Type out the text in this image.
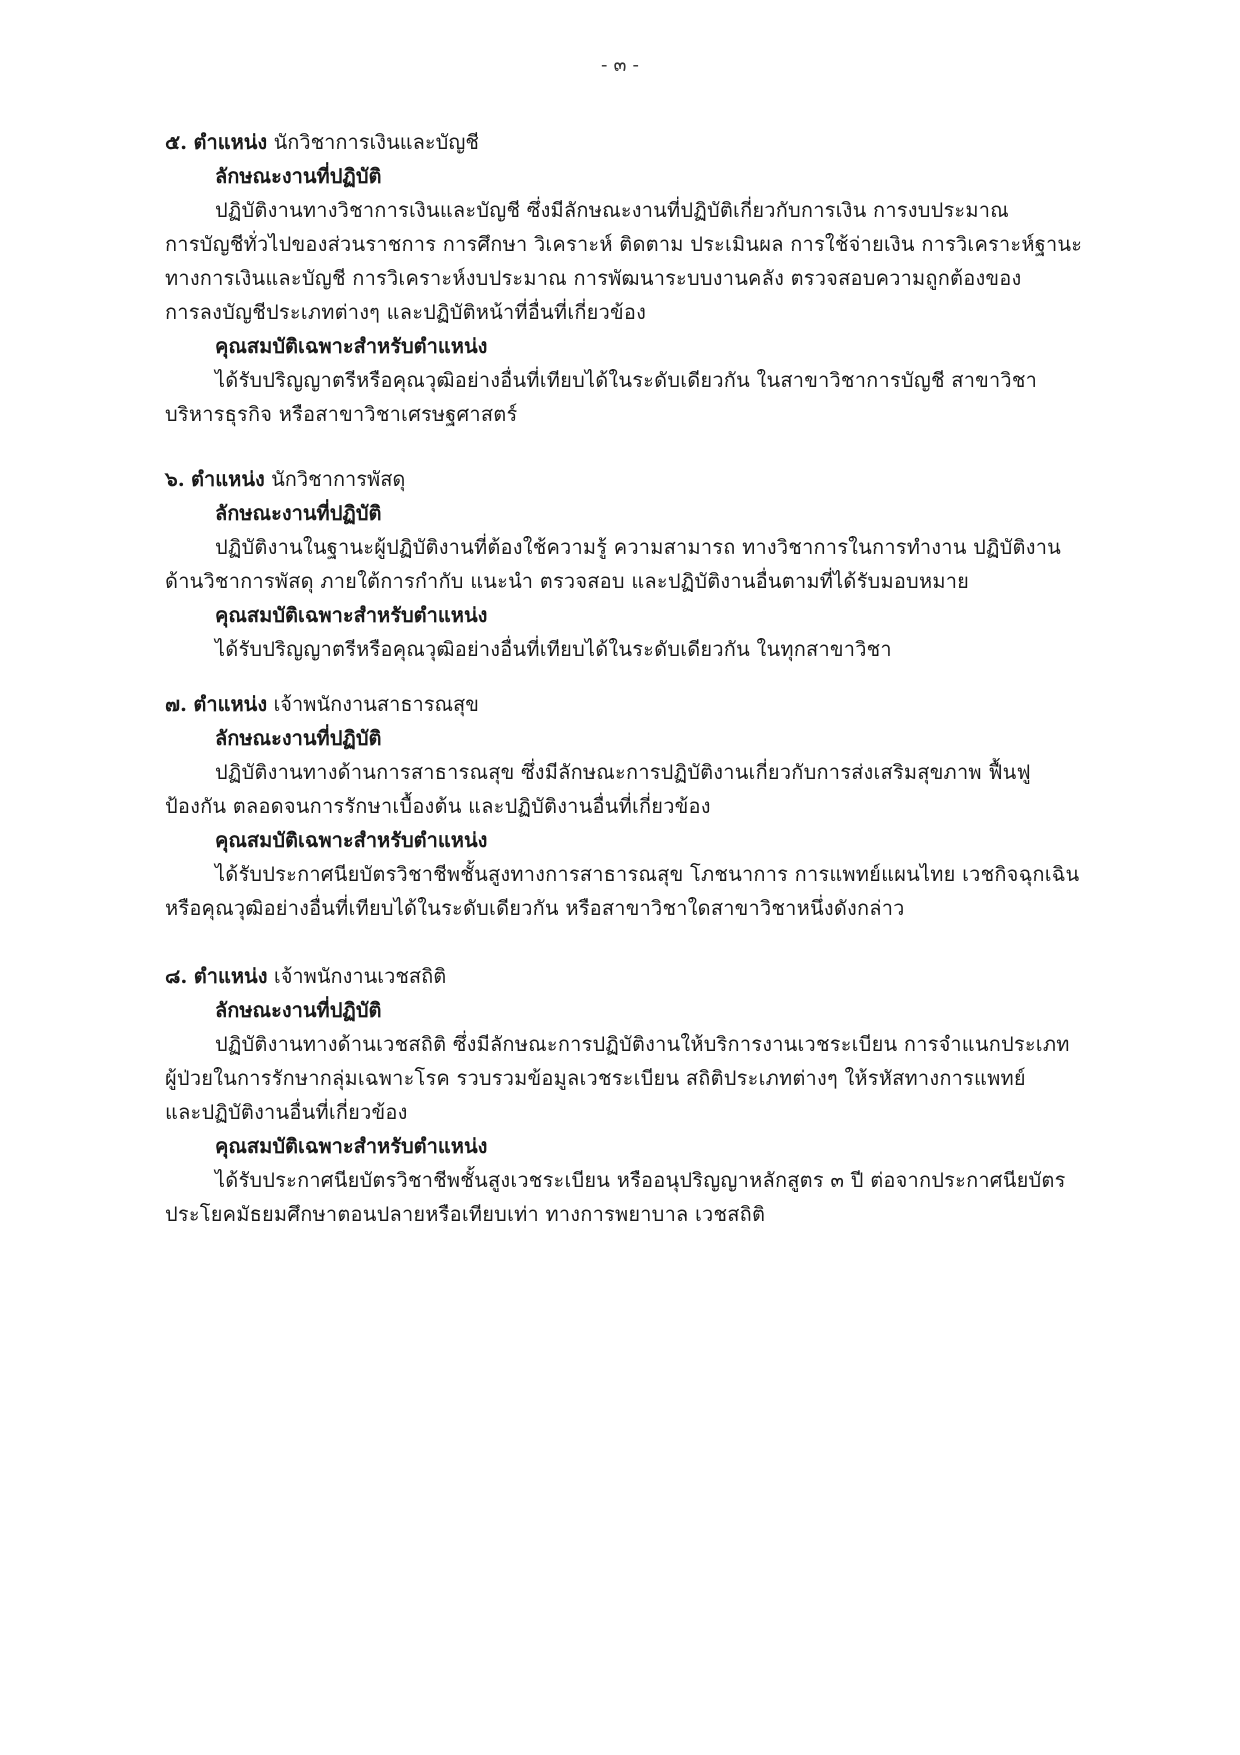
- ๓ -
๕. ตำแหน่ง นักวิชาการเงินและบัญชี
ลักษณะงานที่ปฏิบัติ
ปฏิบัติงานทางวิชาการเงินและบัญชี ซึ่งมีลักษณะงานที่ปฏิบัติเกี่ยวกับการเงิน การงบประมาณ
การบัญชีทั่วไปของส่วนราชการ การศึกษา วิเคราะห์ ติดตาม ประเมินผล การใช้จ่ายเงิน การวิเคราะห์ฐานะ
ทางการเงินและบัญชี การวิเคราะห์งบประมาณ การพัฒนาระบบงานคลัง ตรวจสอบความถูกต้องของ
การลงบัญชีประเภทต่างๆ และปฏิบัติหน้าที่อื่นที่เกี่ยวข้อง
คุณสมบัติเฉพาะสำหรับตำแหน่ง
ได้รับปริญญาตรีหรือคุณวุฒิอย่างอื่นที่เทียบได้ในระดับเดียวกัน ในสาขาวิชาการบัญชี สาขาวิชา
บริหารธุรกิจ หรือสาขาวิชาเศรษฐศาสตร์
๖. ตำแหน่ง นักวิชาการพัสดุ
ลักษณะงานที่ปฏิบัติ
ปฏิบัติงานในฐานะผู้ปฏิบัติงานที่ต้องใช้ความรู้ ความสามารถ ทางวิชาการในการทำงาน ปฏิบัติงาน
ด้านวิชาการพัสดุ ภายใต้การกำกับ แนะนำ ตรวจสอบ และปฏิบัติงานอื่นตามที่ได้รับมอบหมาย
คุณสมบัติเฉพาะสำหรับตำแหน่ง
ได้รับปริญญาตรีหรือคุณวุฒิอย่างอื่นที่เทียบได้ในระดับเดียวกัน ในทุกสาขาวิชา
๗. ตำแหน่ง เจ้าพนักงานสาธารณสุข
ลักษณะงานที่ปฏิบัติ
ปฏิบัติงานทางด้านการสาธารณสุข ซึ่งมีลักษณะการปฏิบัติงานเกี่ยวกับการส่งเสริมสุขภาพ ฟื้นฟู
ป้องกัน ตลอดจนการรักษาเบื้องต้น และปฏิบัติงานอื่นที่เกี่ยวข้อง
คุณสมบัติเฉพาะสำหรับตำแหน่ง
ได้รับประกาศนียบัตรวิชาชีพชั้นสูงทางการสาธารณสุข โภชนาการ การแพทย์แผนไทย เวชกิจฉุกเฉิน
หรือคุณวุฒิอย่างอื่นที่เทียบได้ในระดับเดียวกัน หรือสาขาวิชาใดสาขาวิชาหนึ่งดังกล่าว
๘. ตำแหน่ง เจ้าพนักงานเวชสถิติ
ลักษณะงานที่ปฏิบัติ
ปฏิบัติงานทางด้านเวชสถิติ ซึ่งมีลักษณะการปฏิบัติงานให้บริการงานเวชระเบียน การจำแนกประเภท
ผู้ป่วยในการรักษากลุ่มเฉพาะโรค รวบรวมข้อมูลเวชระเบียน สถิติประเภทต่างๆ ให้รหัสทางการแพทย์
และปฏิบัติงานอื่นที่เกี่ยวข้อง
คุณสมบัติเฉพาะสำหรับตำแหน่ง
ได้รับประกาศนียบัตรวิชาชีพชั้นสูงเวชระเบียน หรืออนุปริญญาหลักสูตร ๓ ปี ต่อจากประกาศนียบัตร
ประโยคมัธยมศึกษาตอนปลายหรือเทียบเท่า ทางการพยาบาล เวชสถิติ
